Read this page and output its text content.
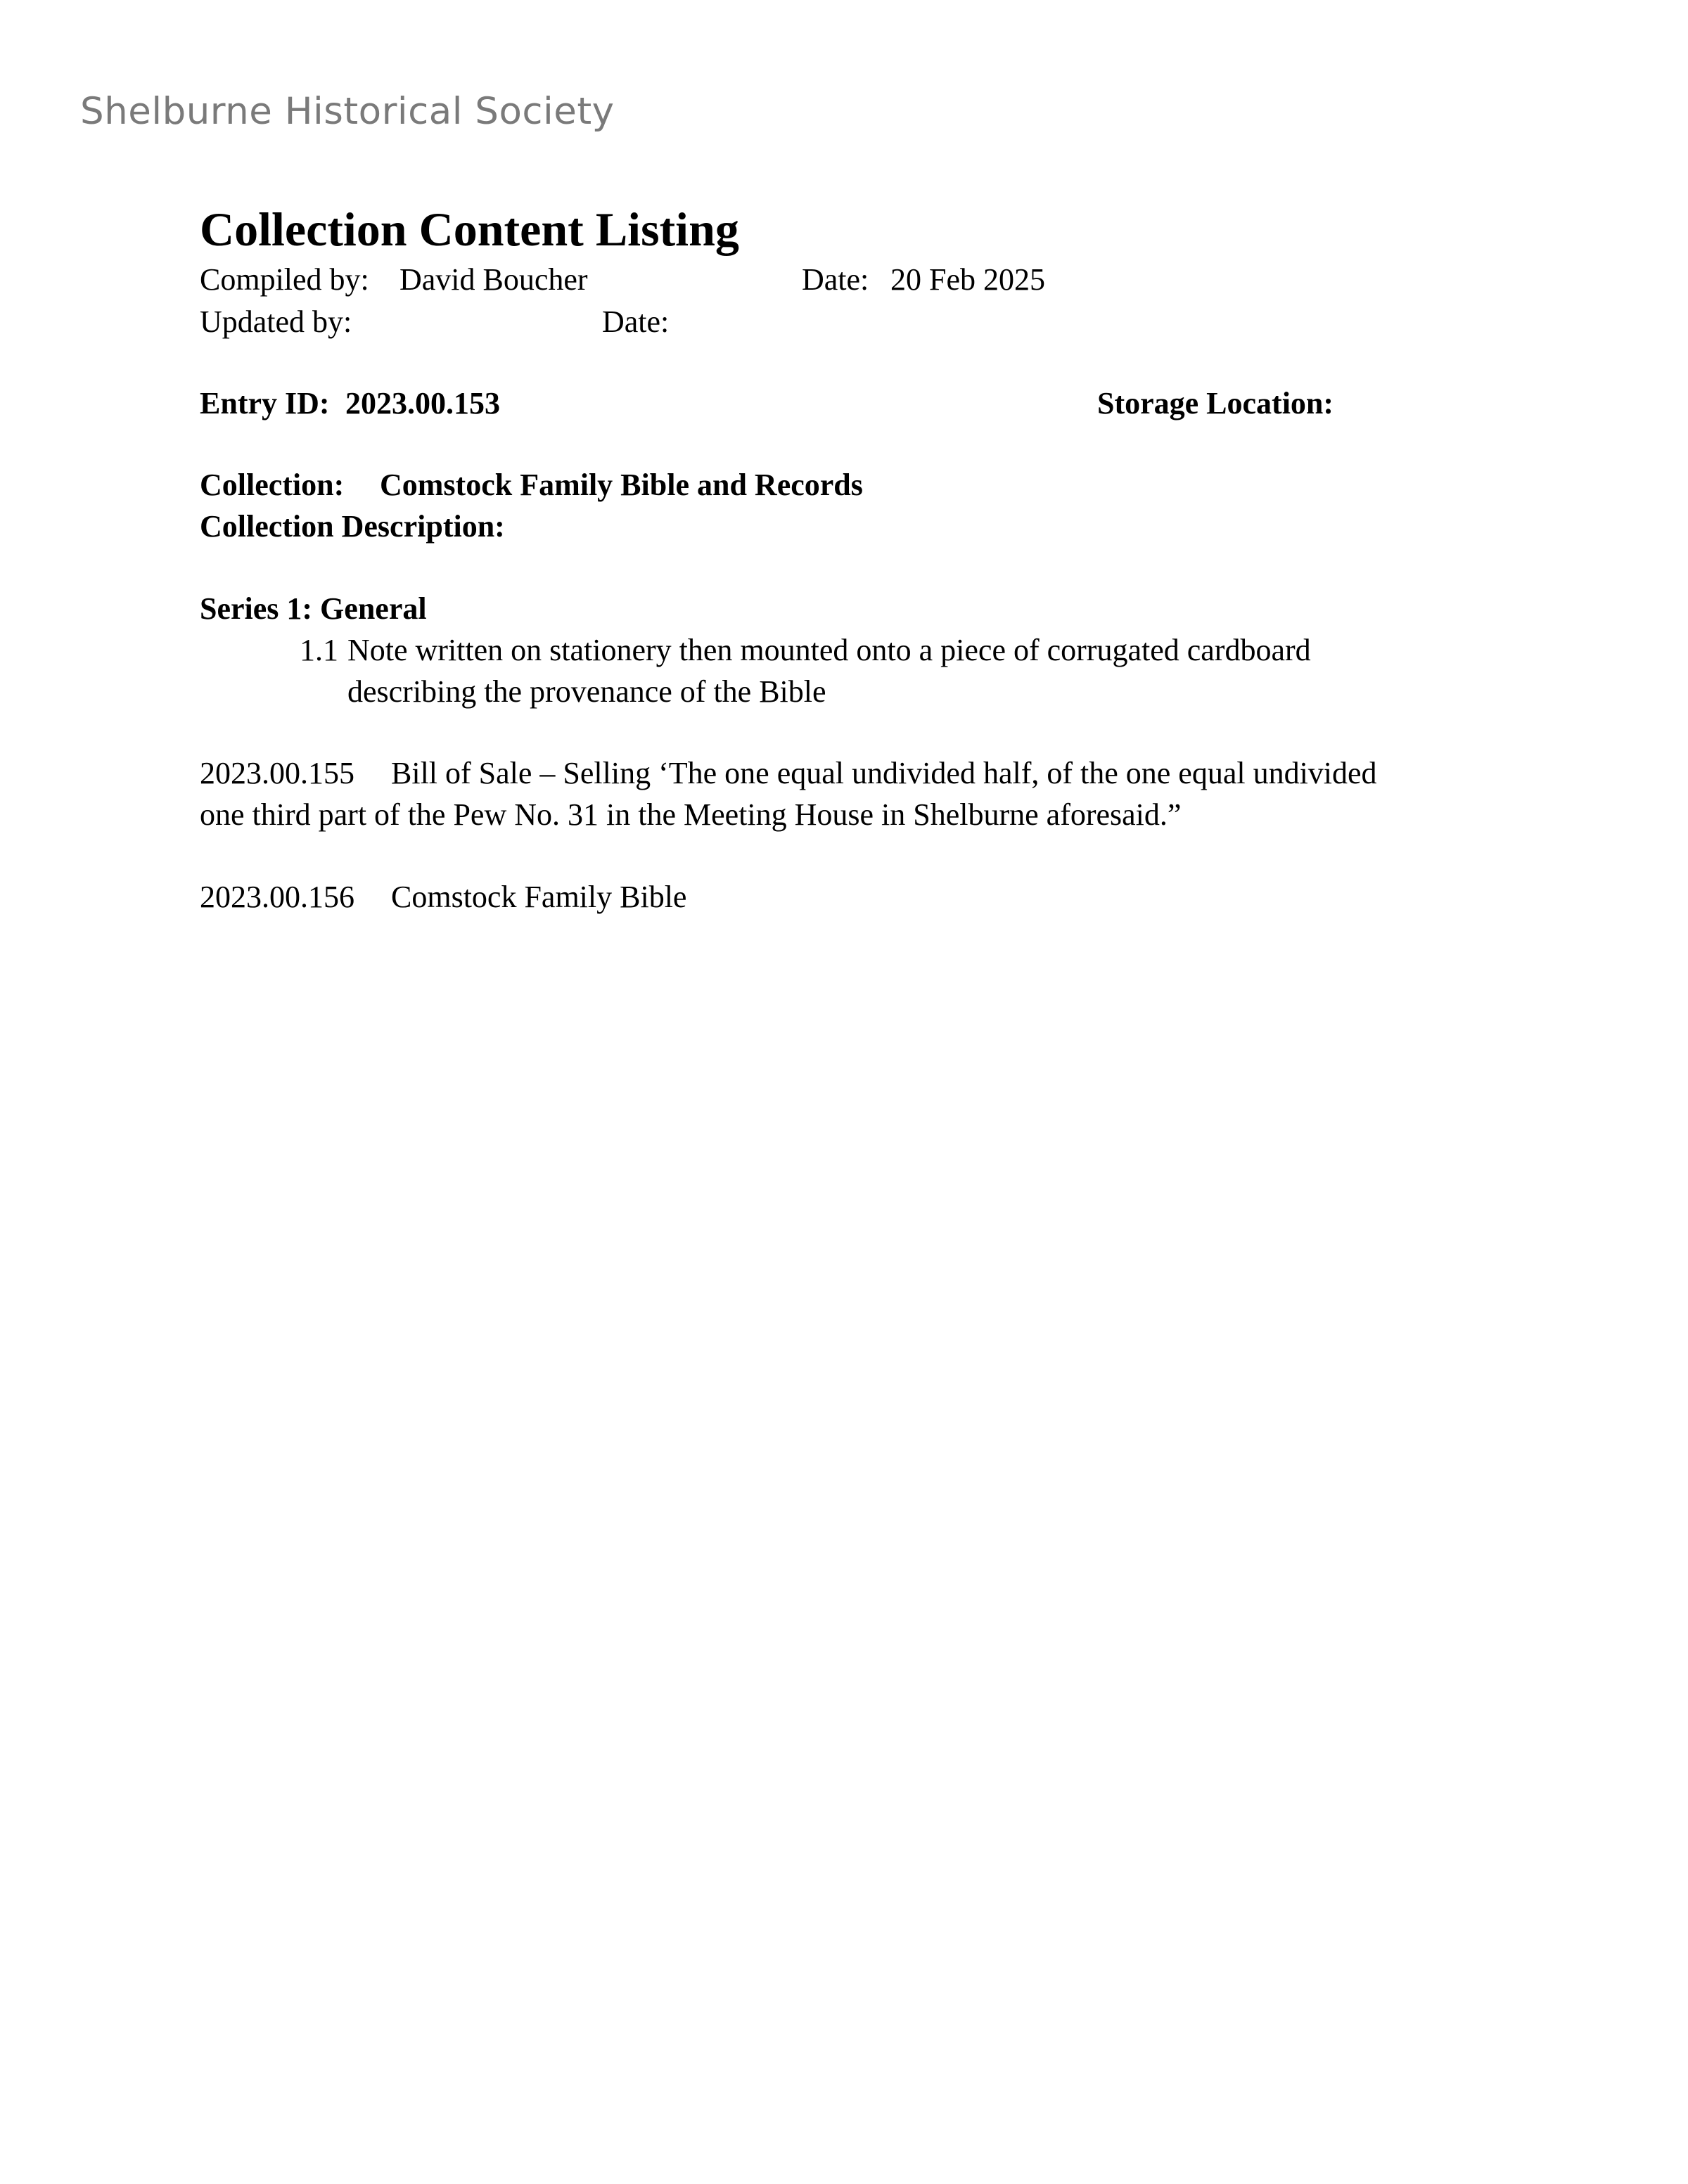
Shelburne Historical Society
Collection Content Listing
Compiled by: David Boucher	Date: 20 Feb 2025
Updated by:	Date:
Entry ID: 2023.00.153	Storage Location:
Collection: Comstock Family Bible and Records
Collection Description:
Series 1: General
1.1 Note written on stationery then mounted onto a piece of corrugated cardboard
describing the provenance of the Bible
2023.00.155 Bill of Sale – Selling ‘The one equal undivided half, of the one equal undivided
one third part of the Pew No. 31 in the Meeting House in Shelburne aforesaid.”
2023.00.156 Comstock Family Bible
